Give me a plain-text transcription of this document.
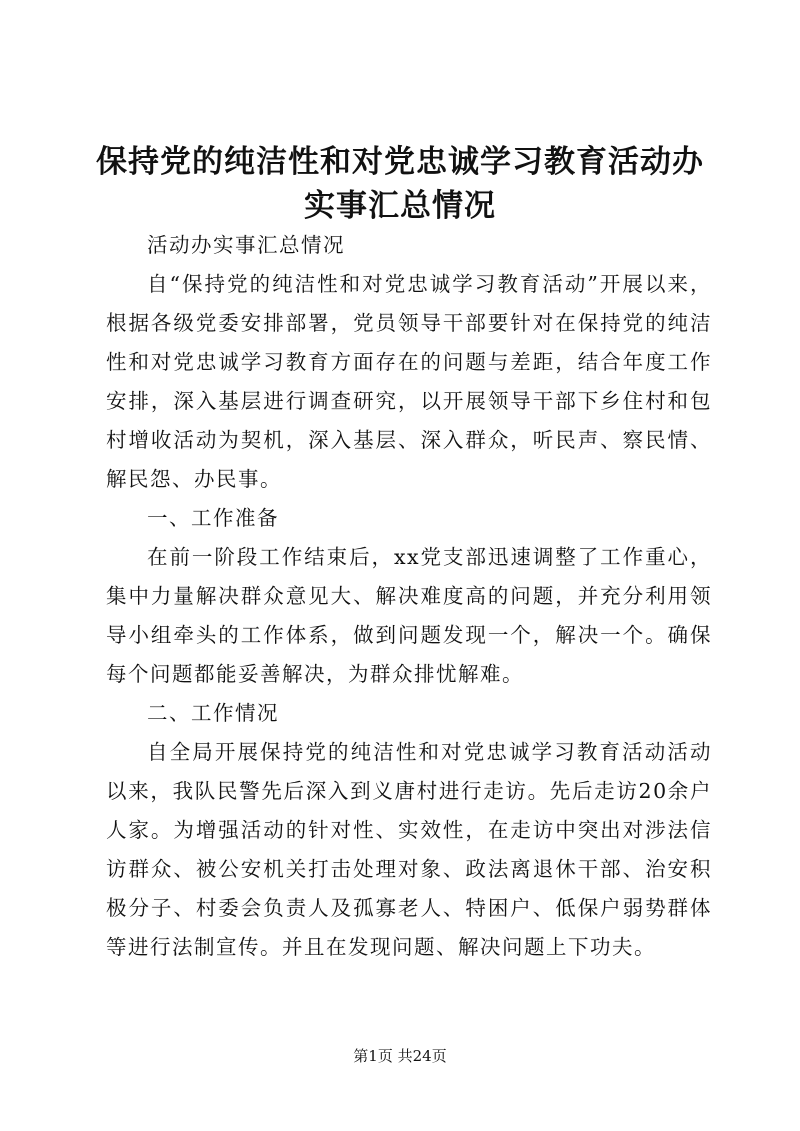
保持党的纯洁性和对党忠诚学习教育活动办实事汇总情况

活动办实事汇总情况

自“保持党的纯洁性和对党忠诚学习教育活动”开展以来，根据各级党委安排部署，党员领导干部要针对在保持党的纯洁性和对党忠诚学习教育方面存在的问题与差距，结合年度工作安排，深入基层进行调查研究，以开展领导干部下乡住村和包村增收活动为契机，深入基层、深入群众，听民声、察民情、解民怨、办民事。

一、工作准备

在前一阶段工作结束后，xx党支部迅速调整了工作重心，集中力量解决群众意见大、解决难度高的问题，并充分利用领导小组牵头的工作体系，做到问题发现一个，解决一个。确保每个问题都能妥善解决，为群众排忧解难。

二、工作情况

自全局开展保持党的纯洁性和对党忠诚学习教育活动活动以来，我队民警先后深入到义唐村进行走访。先后走访20余户人家。为增强活动的针对性、实效性，在走访中突出对涉法信访群众、被公安机关打击处理对象、政法离退休干部、治安积极分子、村委会负责人及孤寡老人、特困户、低保户弱势群体等进行法制宣传。并且在发现问题、解决问题上下功夫。

第1页 共24页
